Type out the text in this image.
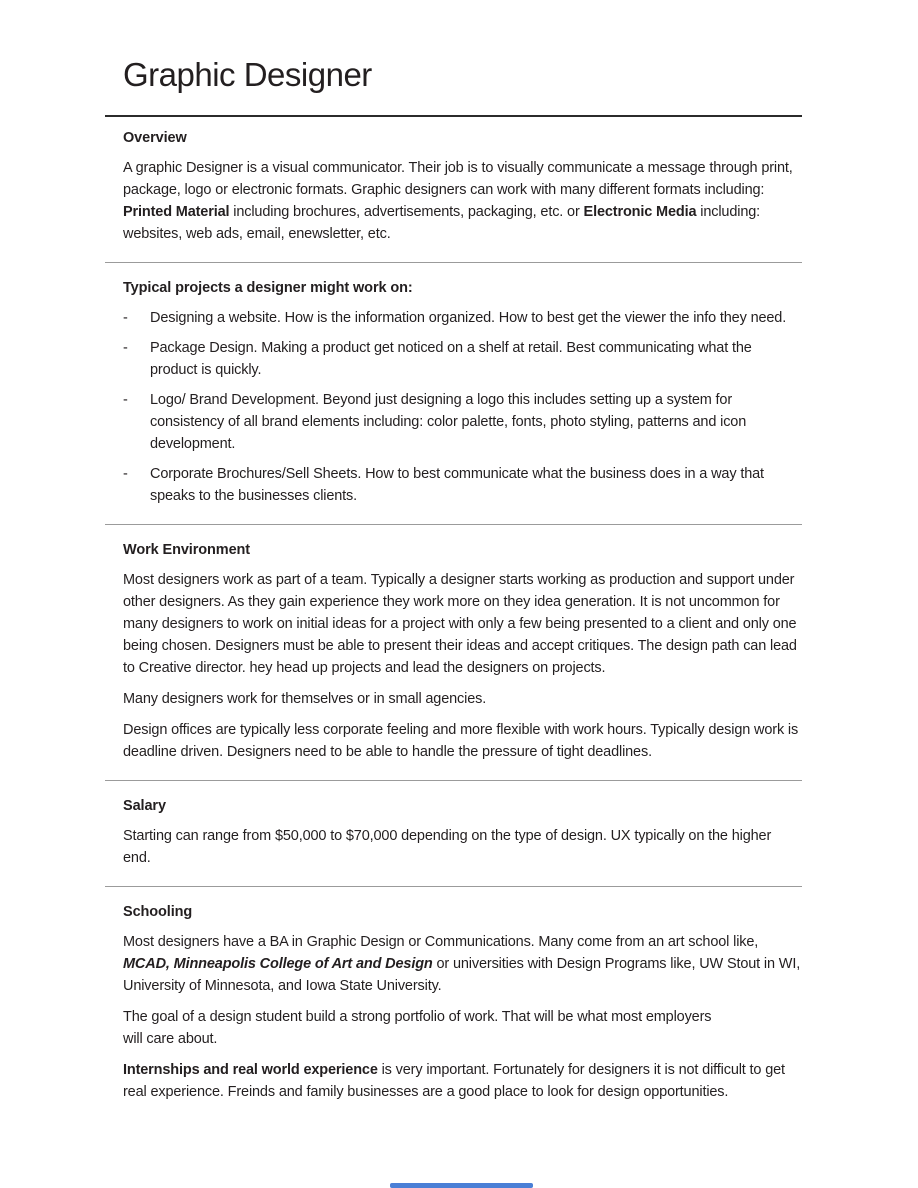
Graphic Designer
Overview

A graphic Designer is a visual communicator. Their job is to visually communicate a message through print, package, logo or electronic formats. Graphic designers can work with many different formats including: Printed Material including brochures, advertisements, packaging, etc. or Electronic Media including: websites, web ads, email, enewsletter, etc.

Typical projects a designer might work on:
-	Designing a website. How is the information organized. How to best get the viewer the info they need.
-	Package Design. Making a product get noticed on a shelf at retail. Best communicating what the product is quickly.
-	Logo/ Brand Development. Beyond just designing a logo this includes setting up a system for consistency of all brand elements including: color palette, fonts, photo styling, patterns and icon development.
-	Corporate Brochures/Sell Sheets. How to best communicate what the business does in a way that speaks to the businesses clients.
Work Environment

Most designers work as part of a team. Typically a designer starts working as production and support under other designers. As they gain experience they work more on they idea generation. It is not uncommon for many designers to work on initial ideas for a project with only a few being presented to a client and only one being chosen. Designers must be able to present their ideas and accept critiques. The design path can lead to Creative director. hey head up projects and lead the designers on projects.

Many designers work for themselves or in small agencies.

Design offices are typically less corporate feeling and more flexible with work hours. Typically design work is deadline driven. Designers need to be able to handle the pressure of tight deadlines.

Salary

Starting can range from $50,000 to $70,000 depending on the type of design. UX typically on the higher end.

Schooling

Most designers have a BA in Graphic Design or Communications. Many come from an art school like, MCAD, Minneapolis College of Art and Design or universities with Design Programs like, UW Stout in WI, University of Minnesota, and Iowa State University.

The goal of a design student build a strong portfolio of work. That will be what most employers
will care about.

Internships and real world experience is very important. Fortunately for designers it is not difficult to get real experience. Freinds and family businesses are a good place to look for design opportunities.
